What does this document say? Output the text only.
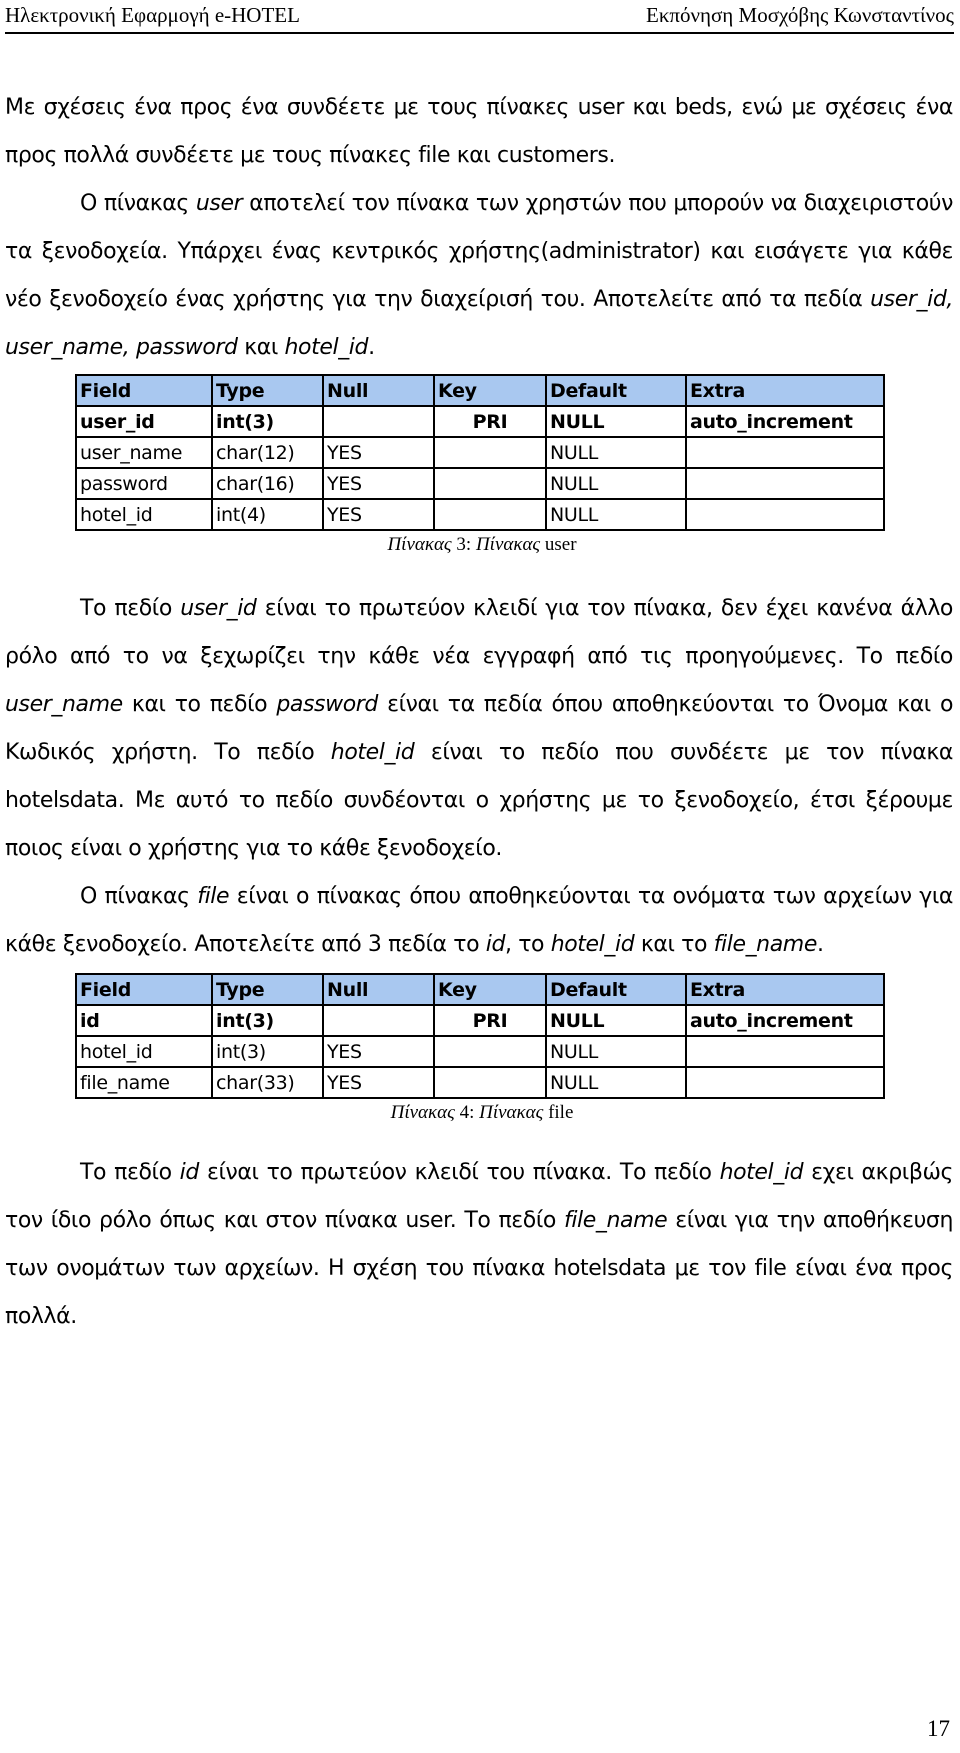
Ηλεκτρονική Εφαρμογή e-HOTEL	Εκπόνηση Μοσχόβης Κωνσταντίνος

Με σχέσεις ένα προς ένα συνδέετε με τους πίνακες user και beds, ενώ με σχέσεις ένα προς πολλά συνδέετε με τους πίνακες file και customers.

Ο πίνακας user αποτελεί τον πίνακα των χρηστών που μπορούν να διαχειριστούν τα ξενοδοχεία. Υπάρχει ένας κεντρικός χρήστης(administrator) και εισάγετε για κάθε νέο ξενοδοχείο ένας χρήστης για την διαχείρισή του. Αποτελείτε από τα πεδία user_id, user_name, password και hotel_id.

Field	Type	Null	Key	Default	Extra
user_id	int(3)		PRI	NULL	auto_increment
user_name	char(12)	YES		NULL	
password	char(16)	YES		NULL	
hotel_id	int(4)	YES		NULL	
Πίνακας 3: Πίνακας user

Το πεδίο user_id είναι το πρωτεύον κλειδί για τον πίνακα, δεν έχει κανένα άλλο ρόλο από το να ξεχωρίζει την κάθε νέα εγγραφή από τις προηγούμενες. Το πεδίο user_name και το πεδίο password είναι τα πεδία όπου αποθηκεύονται το Όνομα και ο Κωδικός χρήστη. Το πεδίο hotel_id είναι το πεδίο που συνδέετε με τον πίνακα hotelsdata. Με αυτό το πεδίο συνδέονται ο χρήστης με το ξενοδοχείο, έτσι ξέρουμε ποιος είναι ο χρήστης για το κάθε ξενοδοχείο.

Ο πίνακας file είναι ο πίνακας όπου αποθηκεύονται τα ονόματα των αρχείων για κάθε ξενοδοχείο. Αποτελείτε από 3 πεδία το id, το hotel_id και το file_name.

Field	Type	Null	Key	Default	Extra
id	int(3)		PRI	NULL	auto_increment
hotel_id	int(3)	YES		NULL	
file_name	char(33)	YES		NULL	
Πίνακας 4: Πίνακας file

Το πεδίο id είναι το πρωτεύον κλειδί του πίνακα. Το πεδίο hotel_id εχει ακριβώς τον ίδιο ρόλο όπως και στον πίνακα user. Το πεδίο file_name είναι για την αποθήκευση των ονομάτων των αρχείων. Η σχέση του πίνακα hotelsdata με τον file είναι ένα προς πολλά.

17
